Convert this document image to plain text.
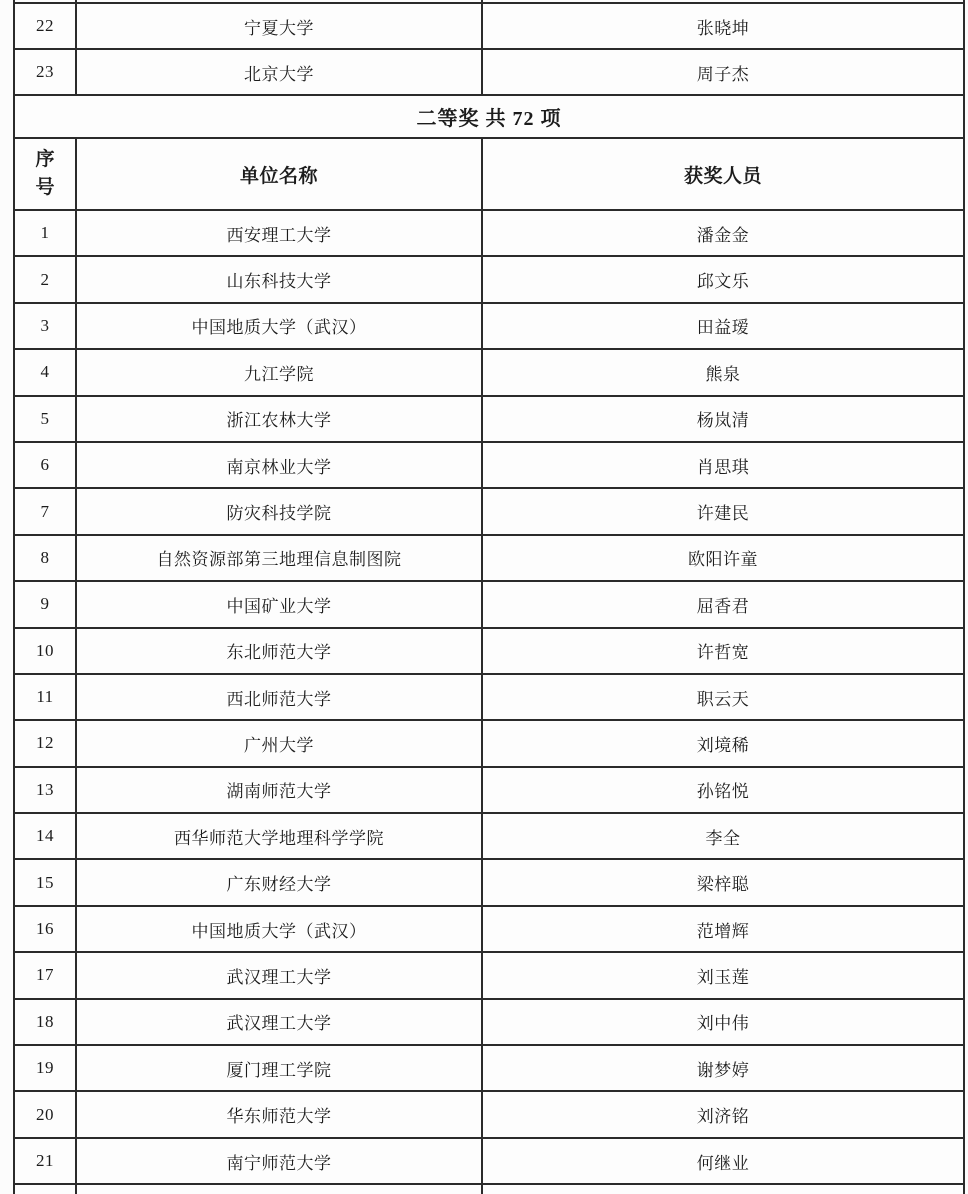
22	宁夏大学	张晓坤
23	北京大学	周子杰
二等奖 共 72 项		
序号	单位名称	获奖人员
1	西安理工大学	潘金金
2	山东科技大学	邱文乐
3	中国地质大学（武汉）	田益瑷
4	九江学院	熊泉
5	浙江农林大学	杨岚清
6	南京林业大学	肖思琪
7	防灾科技学院	许建民
8	自然资源部第三地理信息制图院	欧阳许童
9	中国矿业大学	屈香君
10	东北师范大学	许哲宽
11	西北师范大学	职云天
12	广州大学	刘境稀
13	湖南师范大学	孙铭悦
14	西华师范大学地理科学学院	李全
15	广东财经大学	梁梓聪
16	中国地质大学（武汉）	范增辉
17	武汉理工大学	刘玉莲
18	武汉理工大学	刘中伟
19	厦门理工学院	谢梦婷
20	华东师范大学	刘济铭
21	南宁师范大学	何继业
